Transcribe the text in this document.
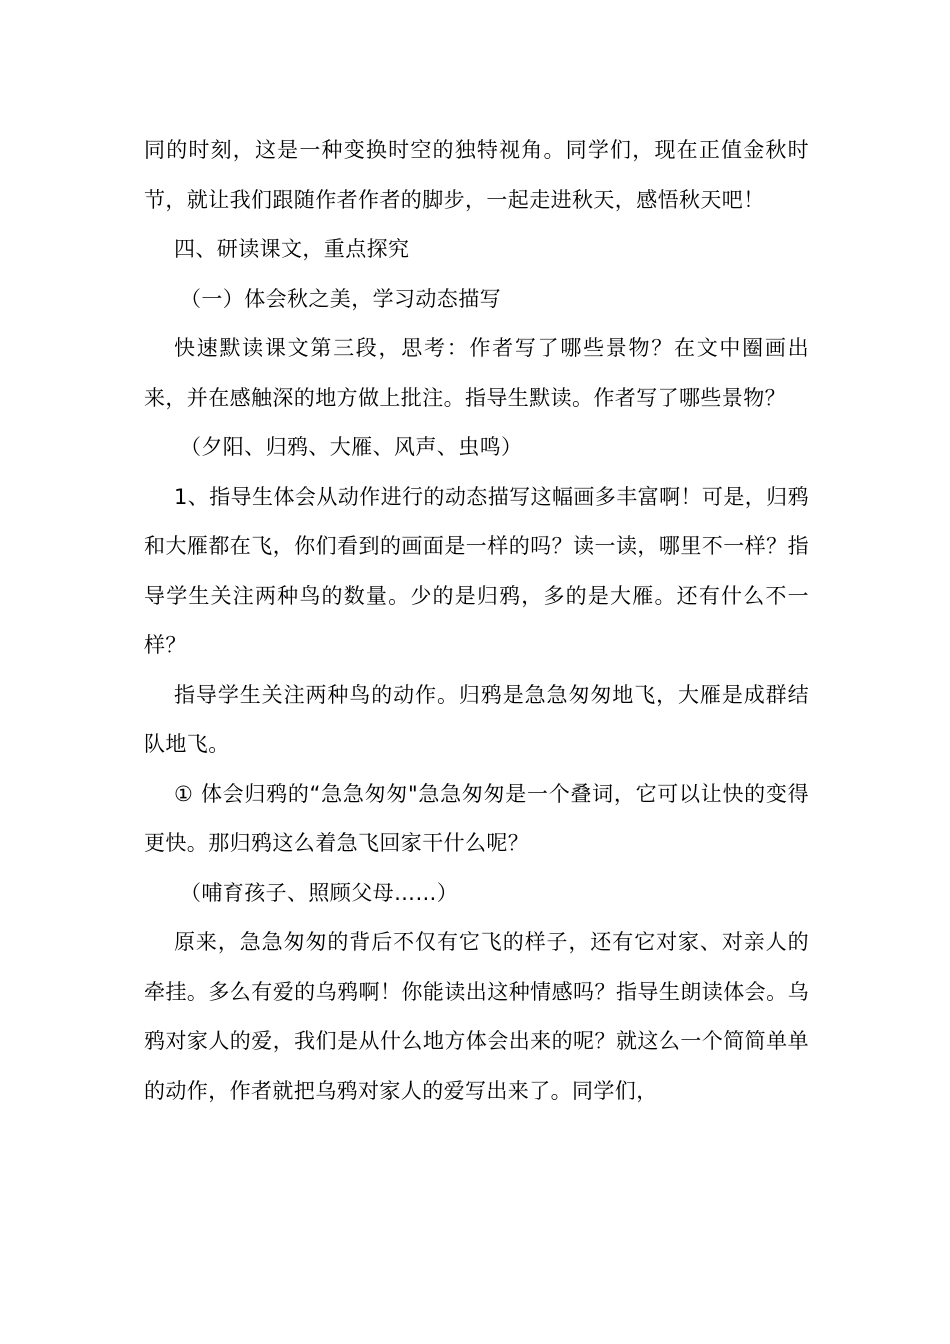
同的时刻，这是一种变换时空的独特视角。同学们，现在正值金秋时节，就让我们跟随作者作者的脚步，一起走进秋天，感悟秋天吧！

四、研读课文，重点探究

（一）体会秋之美，学习动态描写

快速默读课文第三段，思考：作者写了哪些景物？在文中圈画出来，并在感触深的地方做上批注。指导生默读。作者写了哪些景物？

（夕阳、归鸦、大雁、风声、虫鸣）

1、指导生体会从动作进行的动态描写这幅画多丰富啊！可是，归鸦和大雁都在飞，你们看到的画面是一样的吗？读一读，哪里不一样？指导学生关注两种鸟的数量。少的是归鸦，多的是大雁。还有什么不一样？

指导学生关注两种鸟的动作。归鸦是急急匆匆地飞，大雁是成群结队地飞。

① 体会归鸦的“急急匆匆"急急匆匆是一个叠词，它可以让快的变得更快。那归鸦这么着急飞回家干什么呢？

（哺育孩子、照顾父母……）

原来，急急匆匆的背后不仅有它飞的样子，还有它对家、对亲人的牵挂。多么有爱的乌鸦啊！你能读出这种情感吗？指导生朗读体会。乌鸦对家人的爱，我们是从什么地方体会出来的呢？就这么一个简简单单的动作，作者就把乌鸦对家人的爱写出来了。同学们，
